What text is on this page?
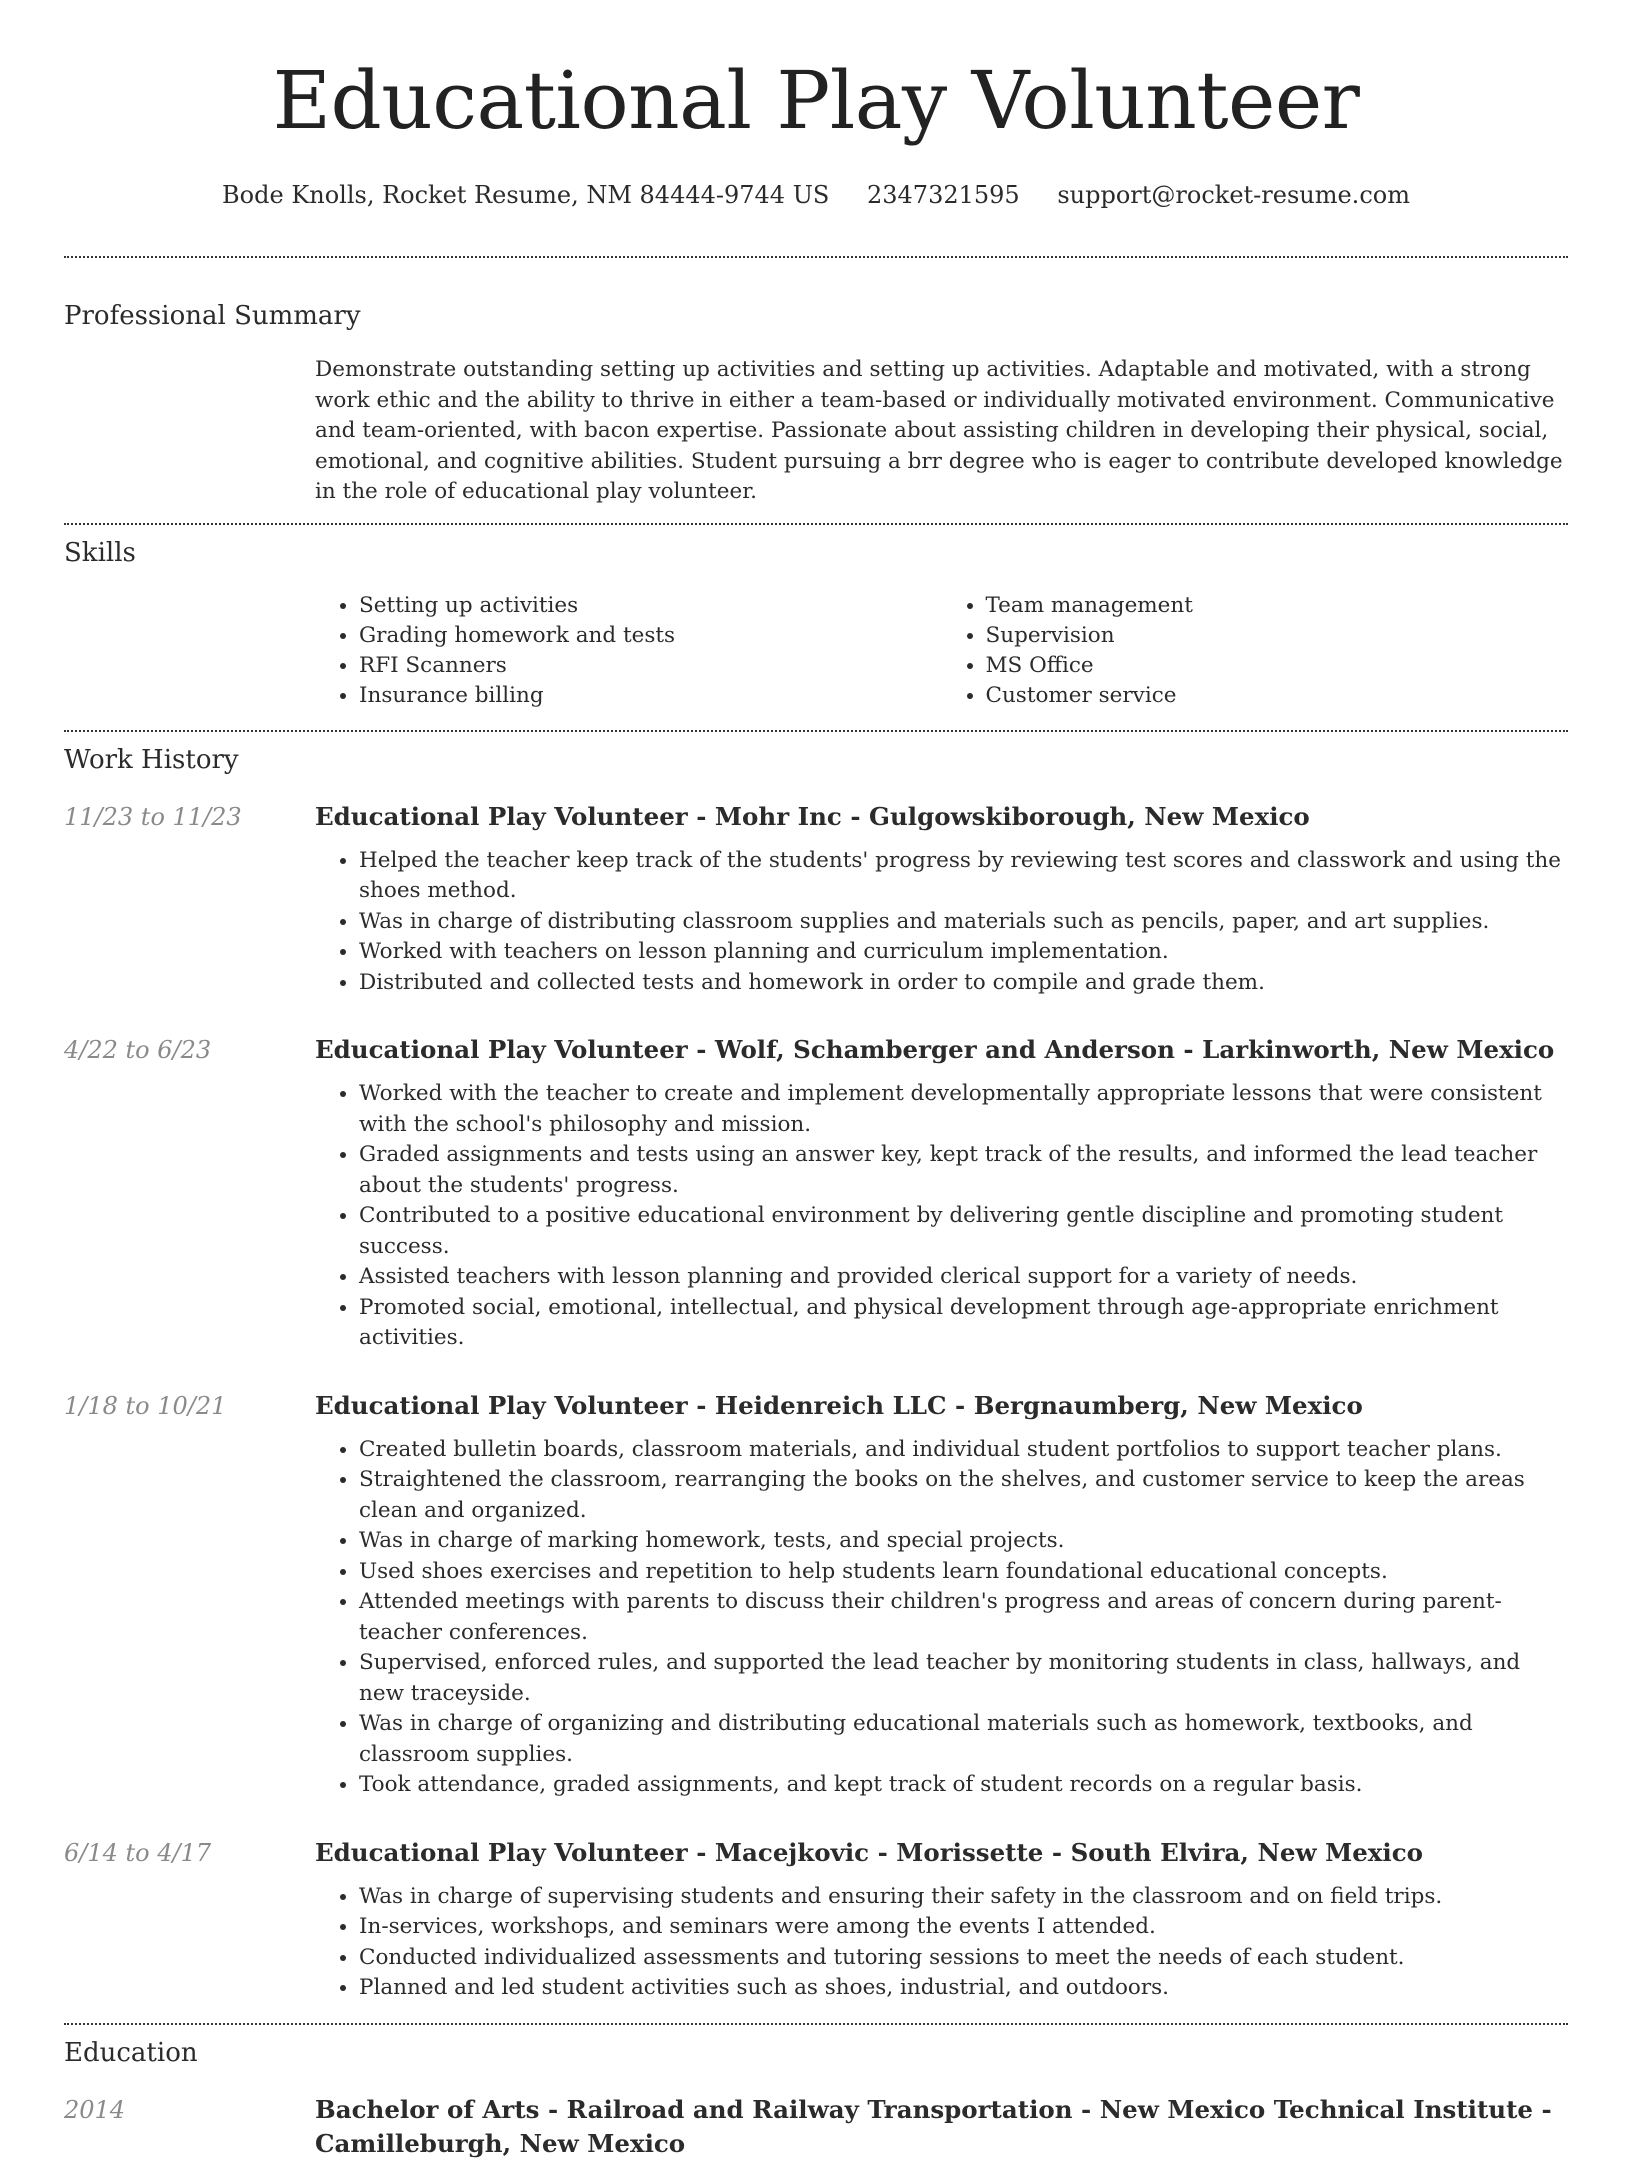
Educational Play Volunteer
Bode Knolls, Rocket Resume, NM 84444-9744 US 2347321595 support@rocket-resume.com
Professional Summary

Demonstrate outstanding setting up activities and setting up activities. Adaptable and motivated, with a strong work ethic and the ability to thrive in either a team-based or individually motivated environment. Communicative and team-oriented, with bacon expertise. Passionate about assisting children in developing their physical, social, emotional, and cognitive abilities. Student pursuing a brr degree who is eager to contribute developed knowledge in the role of educational play volunteer.

Skills
• Setting up activities
• Grading homework and tests
• RFI Scanners
• Insurance billing
• Team management
• Supervision
• MS Office
• Customer service
Work History
11/23 to 11/23	Educational Play Volunteer - Mohr Inc - Gulgowskiborough, New Mexico
• Helped the teacher keep track of the students' progress by reviewing test scores and classwork and using the shoes method.
• Was in charge of distributing classroom supplies and materials such as pencils, paper, and art supplies.
• Worked with teachers on lesson planning and curriculum implementation.
• Distributed and collected tests and homework in order to compile and grade them.
4/22 to 6/23	Educational Play Volunteer - Wolf, Schamberger and Anderson - Larkinworth, New Mexico
• Worked with the teacher to create and implement developmentally appropriate lessons that were consistent with the school's philosophy and mission.
• Graded assignments and tests using an answer key, kept track of the results, and informed the lead teacher about the students' progress.
• Contributed to a positive educational environment by delivering gentle discipline and promoting student success.
• Assisted teachers with lesson planning and provided clerical support for a variety of needs.
• Promoted social, emotional, intellectual, and physical development through age-appropriate enrichment activities.
1/18 to 10/21	Educational Play Volunteer - Heidenreich LLC - Bergnaumberg, New Mexico
• Created bulletin boards, classroom materials, and individual student portfolios to support teacher plans.
• Straightened the classroom, rearranging the books on the shelves, and customer service to keep the areas clean and organized.
• Was in charge of marking homework, tests, and special projects.
• Used shoes exercises and repetition to help students learn foundational educational concepts.
• Attended meetings with parents to discuss their children's progress and areas of concern during parent-teacher conferences.
• Supervised, enforced rules, and supported the lead teacher by monitoring students in class, hallways, and new traceyside.
• Was in charge of organizing and distributing educational materials such as homework, textbooks, and classroom supplies.
• Took attendance, graded assignments, and kept track of student records on a regular basis.
6/14 to 4/17	Educational Play Volunteer - Macejkovic - Morissette - South Elvira, New Mexico
• Was in charge of supervising students and ensuring their safety in the classroom and on field trips.
• In-services, workshops, and seminars were among the events I attended.
• Conducted individualized assessments and tutoring sessions to meet the needs of each student.
• Planned and led student activities such as shoes, industrial, and outdoors.
Education
2014	Bachelor of Arts - Railroad and Railway Transportation - New Mexico Technical Institute - Camilleburgh, New Mexico
